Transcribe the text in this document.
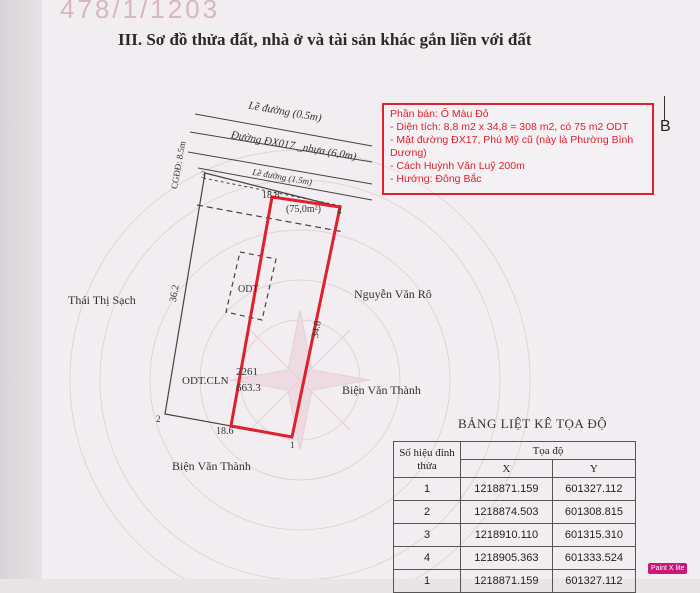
478/1/1203
III. Sơ đồ thửa đất, nhà ở và tài sản khác gắn liền với đất
B
Lề đường (0.5m)
Đường ĐX017 _nhựa (6,0m)
Lề đường (1.5m)
CGĐĐ: 8.5m
(75,0m²)
ODT
2261
663.3
ODT.CLN
18.8
18.6
36.2
34.8
1
2
3
4
Thái Thị Sạch	Nguyễn Văn Rô
Biện Văn Thành
Biện Văn Thành
Phần bán: Ô Màu Đỏ
- Diện tích: 8,8 m2 x 34,8 = 308 m2, có 75 m2 ODT
- Mặt đường ĐX17, Phú Mỹ cũ (này là Phường Bình Dương)
- Cách Huỳnh Văn Luỹ 200m
- Hướng: Đông Bắc
BẢNG LIỆT KÊ TỌA ĐỘ
Số hiệu đỉnh thửa	Tọa độ	
	X	Y
1	1218871.159	601327.112
2	1218874.503	601308.815
3	1218910.110	601315.310
4	1218905.363	601333.524
1	1218871.159	601327.112
Paint X lite
